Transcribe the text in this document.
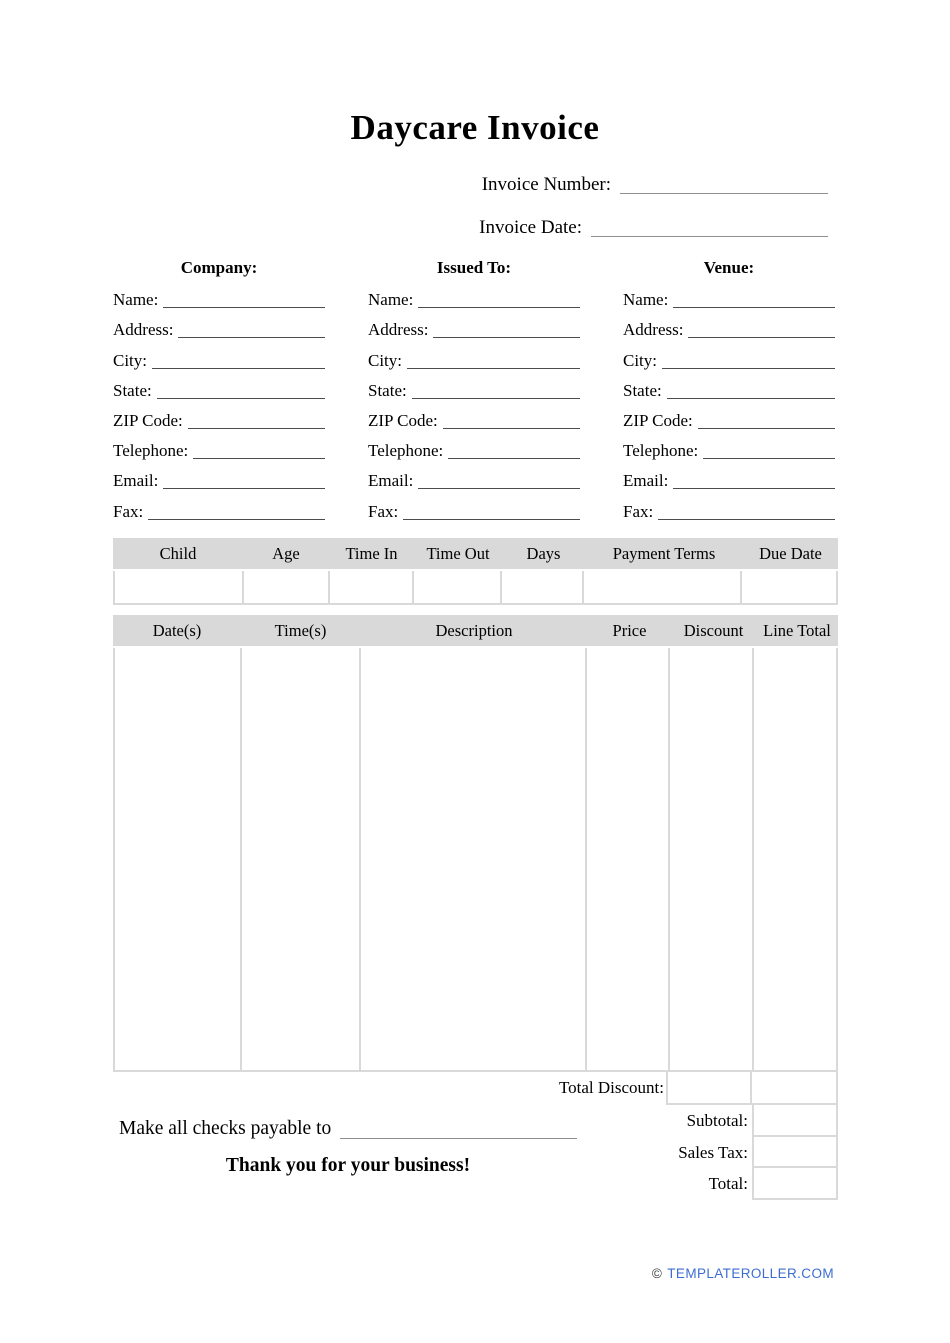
Daycare Invoice
Invoice Number:
Invoice Date:
Company:
Name:
Address:
City:
State:
ZIP Code:
Telephone:
Email:
Fax:
Issued To:
Name:
Address:
City:
State:
ZIP Code:
Telephone:
Email:
Fax:
Venue:
Name:
Address:
City:
State:
ZIP Code:
Telephone:
Email:
Fax:
Child	Age	Time In	Time Out	Days	Payment Terms	Due Date
Date(s)	Time(s)	Description	Price	Discount	Line Total
Total Discount:
Subtotal:
Sales Tax:
Total:
Make all checks payable to
Thank you for your business!
© TEMPLATEROLLER.COM
